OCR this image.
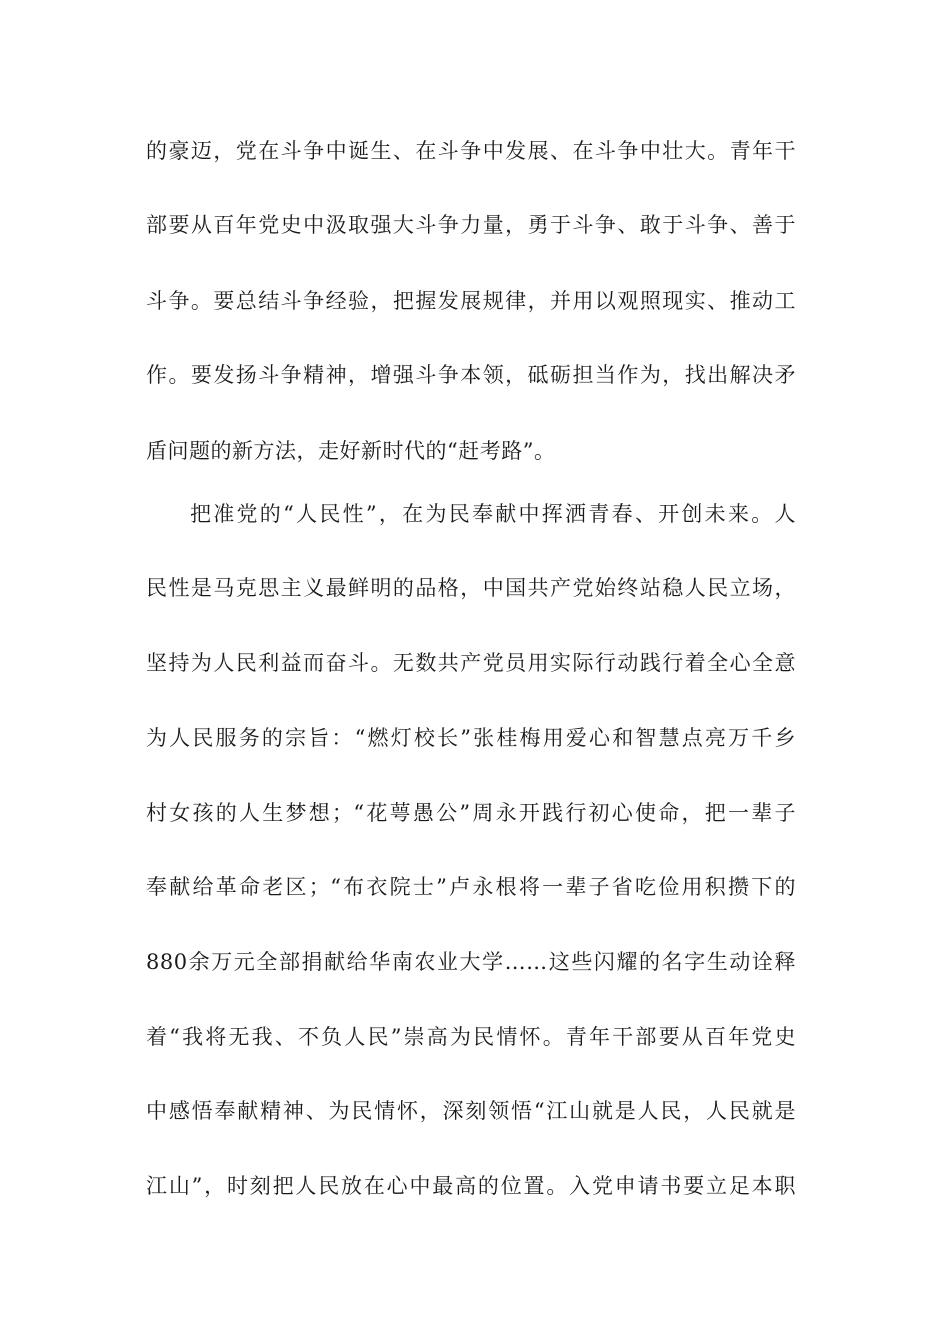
的豪迈，党在斗争中诞生、在斗争中发展、在斗争中壮大。青年干
部要从百年党史中汲取强大斗争力量，勇于斗争、敢于斗争、善于
斗争。要总结斗争经验，把握发展规律，并用以观照现实、推动工
作。要发扬斗争精神，增强斗争本领，砥砺担当作为，找出解决矛
盾问题的新方法，走好新时代的“赶考路”。
把准党的“人民性”，在为民奉献中挥洒青春、开创未来。人
民性是马克思主义最鲜明的品格，中国共产党始终站稳人民立场，
坚持为人民利益而奋斗。无数共产党员用实际行动践行着全心全意
为人民服务的宗旨：“燃灯校长”张桂梅用爱心和智慧点亮万千乡
村女孩的人生梦想；“花萼愚公”周永开践行初心使命，把一辈子
奉献给革命老区；“布衣院士”卢永根将一辈子省吃俭用积攒下的
880余万元全部捐献给华南农业大学……这些闪耀的名字生动诠释
着“我将无我、不负人民”崇高为民情怀。青年干部要从百年党史
中感悟奉献精神、为民情怀，深刻领悟“江山就是人民，人民就是
江山”，时刻把人民放在心中最高的位置。入党申请书要立足本职
